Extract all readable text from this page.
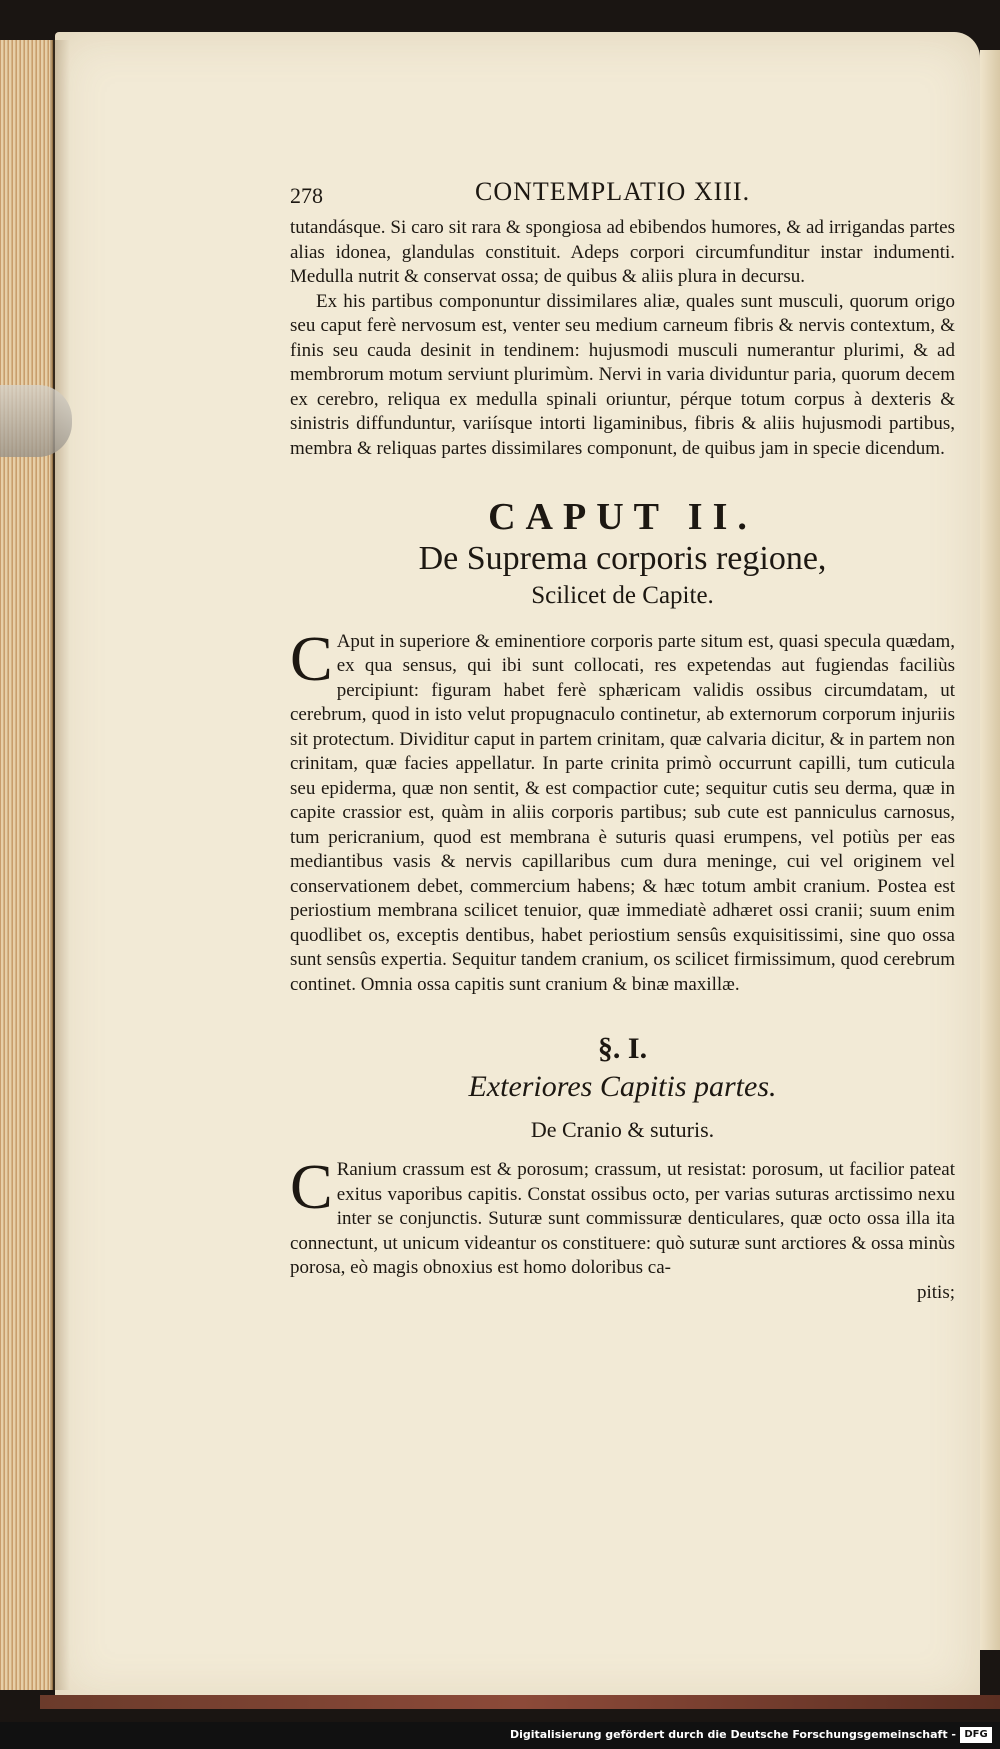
278	CONTEMPLATIO XIII.

tutandásque. Si caro sit rara & spongiosa ad ebibendos humores, & ad irrigandas partes alias idonea, glandulas constituit. Adeps corpori circumfunditur instar indumenti. Medulla nutrit & conservat ossa; de quibus & aliis plura in decursu.

Ex his partibus componuntur dissimilares aliæ, quales sunt musculi, quorum origo seu caput ferè nervosum est, venter seu medium carneum fibris & nervis contextum, & finis seu cauda desinit in tendinem: hujusmodi musculi numerantur plurimi, & ad membrorum motum serviunt plurimùm. Nervi in varia dividuntur paria, quorum decem ex cerebro, reliqua ex medulla spinali oriuntur, pérque totum corpus à dexteris & sinistris diffunduntur, variísque intorti ligaminibus, fibris & aliis hujusmodi partibus, membra & reliquas partes dissimilares componunt, de quibus jam in specie dicendum.

CAPUT II.
De Suprema corporis regione,
Scilicet de Capite.

C Aput in superiore & eminentiore corporis parte situm est, quasi specula quædam, ex qua sensus, qui ibi sunt collocati, res expetendas aut fugiendas faciliùs percipiunt: figuram habet ferè sphæricam validis ossibus circumdatam, ut cerebrum, quod in isto velut propugnaculo continetur, ab externorum corporum injuriis sit protectum. Dividitur caput in partem crinitam, quæ calvaria dicitur, & in partem non crinitam, quæ facies appellatur. In parte crinita primò occurrunt capilli, tum cuticula seu epiderma, quæ non sentit, & est compactior cute; sequitur cutis seu derma, quæ in capite crassior est, quàm in aliis corporis partibus; sub cute est panniculus carnosus, tum pericranium, quod est membrana è suturis quasi erumpens, vel potiùs per eas mediantibus vasis & nervis capillaribus cum dura meninge, cui vel originem vel conservationem debet, commercium habens; & hæc totum ambit cranium. Postea est periostium membrana scilicet tenuior, quæ immediatè adhæret ossi cranii; suum enim quodlibet os, exceptis dentibus, habet periostium sensûs exquisitissimi, sine quo ossa sunt sensûs expertia. Sequitur tandem cranium, os scilicet firmissimum, quod cerebrum continet. Omnia ossa capitis sunt cranium & binæ maxillæ.

§. I.
Exteriores Capitis partes.
De Cranio & suturis.

C Ranium crassum est & porosum; crassum, ut resistat: porosum, ut facilior pateat exitus vaporibus capitis. Constat ossibus octo, per varias suturas arctissimo nexu inter se conjunctis. Suturæ sunt commissuræ denticulares, quæ octo ossa illa ita connectunt, ut unicum videantur os constituere: quò suturæ sunt arctiores & ossa minùs porosa, eò magis obnoxius est homo doloribus ca-

pitis;

Digitalisierung gefördert durch die Deutsche Forschungsgemeinschaft - DFG
